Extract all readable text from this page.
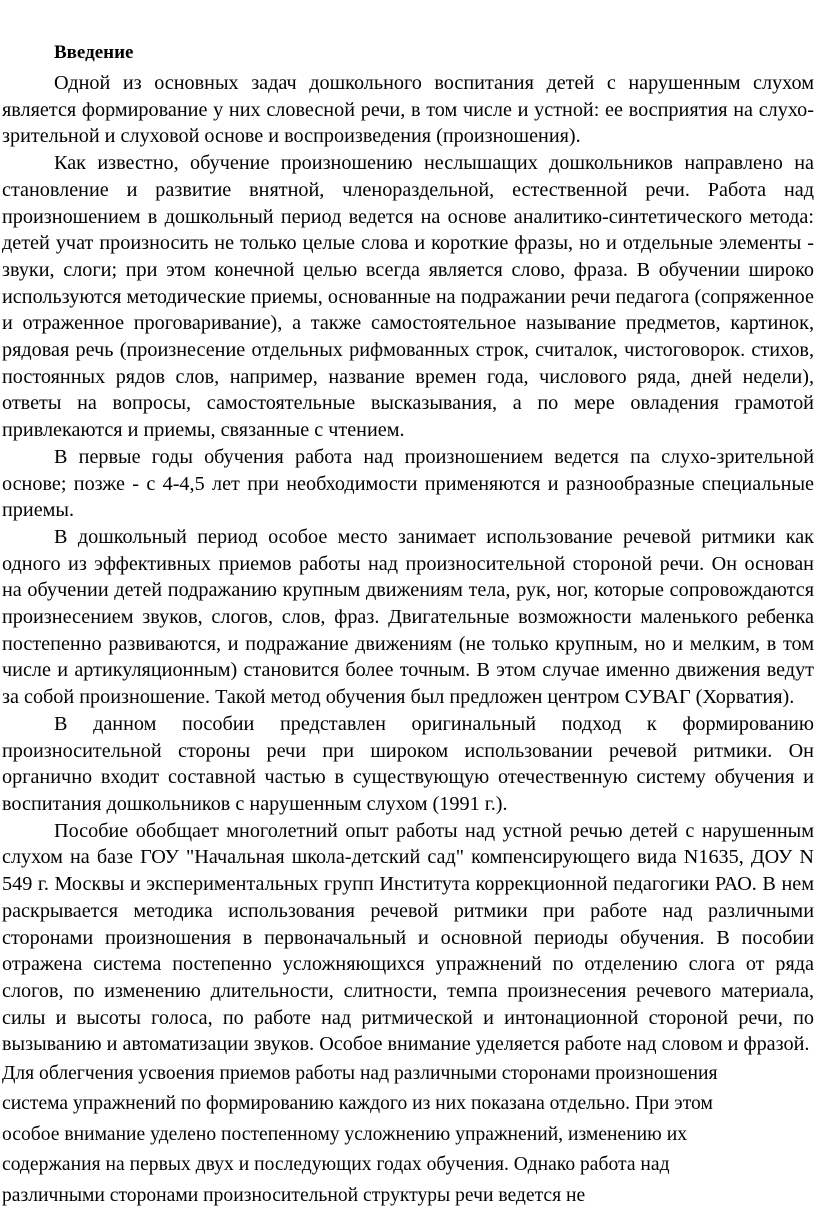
Введение

Одной из основных задач дошкольного воспитания детей с нарушенным слухом является формирование у них словесной речи, в том числе и устной: ее восприятия на слухо-зрительной и слуховой основе и воспроизведения (произношения).

Как известно, обучение произношению неслышащих дошкольников направлено на становление и развитие внятной, членораздельной, естественной речи. Работа над произношением в дошкольный период ведется на основе аналитико-синтетического метода: детей учат произносить не только целые слова и короткие фразы, но и отдельные элементы - звуки, слоги; при этом конечной целью всегда является слово, фраза. В обучении широко используются методические приемы, основанные на подражании речи педагога (сопряженное и отраженное проговаривание), а также самостоятельное называние предметов, картинок, рядовая речь (произнесение отдельных рифмованных строк, считалок, чистоговорок. стихов, постоянных рядов слов, например, название времен года, числового ряда, дней недели), ответы на вопросы, самостоятельные высказывания, а по мере овладения грамотой привлекаются и приемы, связанные с чтением.

В первые годы обучения работа над произношением ведется па слухо-зрительной основе; позже - с 4-4,5 лет при необходимости применяются и разнообразные специальные приемы.

В дошкольный период особое место занимает использование речевой ритмики как одного из эффективных приемов работы над произносительной стороной речи. Он основан на обучении детей подражанию крупным движениям тела, рук, ног, которые сопровождаются произнесением звуков, слогов, слов, фраз. Двигательные возможности маленького ребенка постепенно развиваются, и подражание движениям (не только крупным, но и мелким, в том числе и артикуляционным) становится более точным. В этом случае именно движения ведут за собой произношение. Такой метод обучения был предложен центром СУВАГ (Хорватия).

В данном пособии представлен оригинальный подход к формированию произносительной стороны речи при широком использовании речевой ритмики. Он органично входит составной частью в существующую отечественную систему обучения и воспитания дошкольников с нарушенным слухом (1991 г.).

Пособие обобщает многолетний опыт работы над устной речью детей с нарушенным слухом на базе ГОУ "Начальная школа-детский сад" компенсирующего вида N1635, ДОУ N 549 г. Москвы и экспериментальных групп Института коррекционной педагогики РАО. В нем раскрывается методика использования речевой ритмики при работе над различными сторонами произношения в первоначальный и основной периоды обучения. В пособии отражена система постепенно усложняющихся упражнений по отделению слога от ряда слогов, по изменению длительности, слитности, темпа произнесения речевого материала, силы и высоты голоса, по работе над ритмической и интонационной стороной речи, по вызыванию и автоматизации звуков. Особое внимание уделяется работе над словом и фразой.

Для облегчения усвоения приемов работы над различными сторонами произношения
система упражнений по формированию каждого из них показана отдельно. При этом
особое внимание уделено постепенному усложнению упражнений, изменению их
содержания на первых двух и последующих годах обучения. Однако работа над
различными сторонами произносительной структуры речи ведется не
